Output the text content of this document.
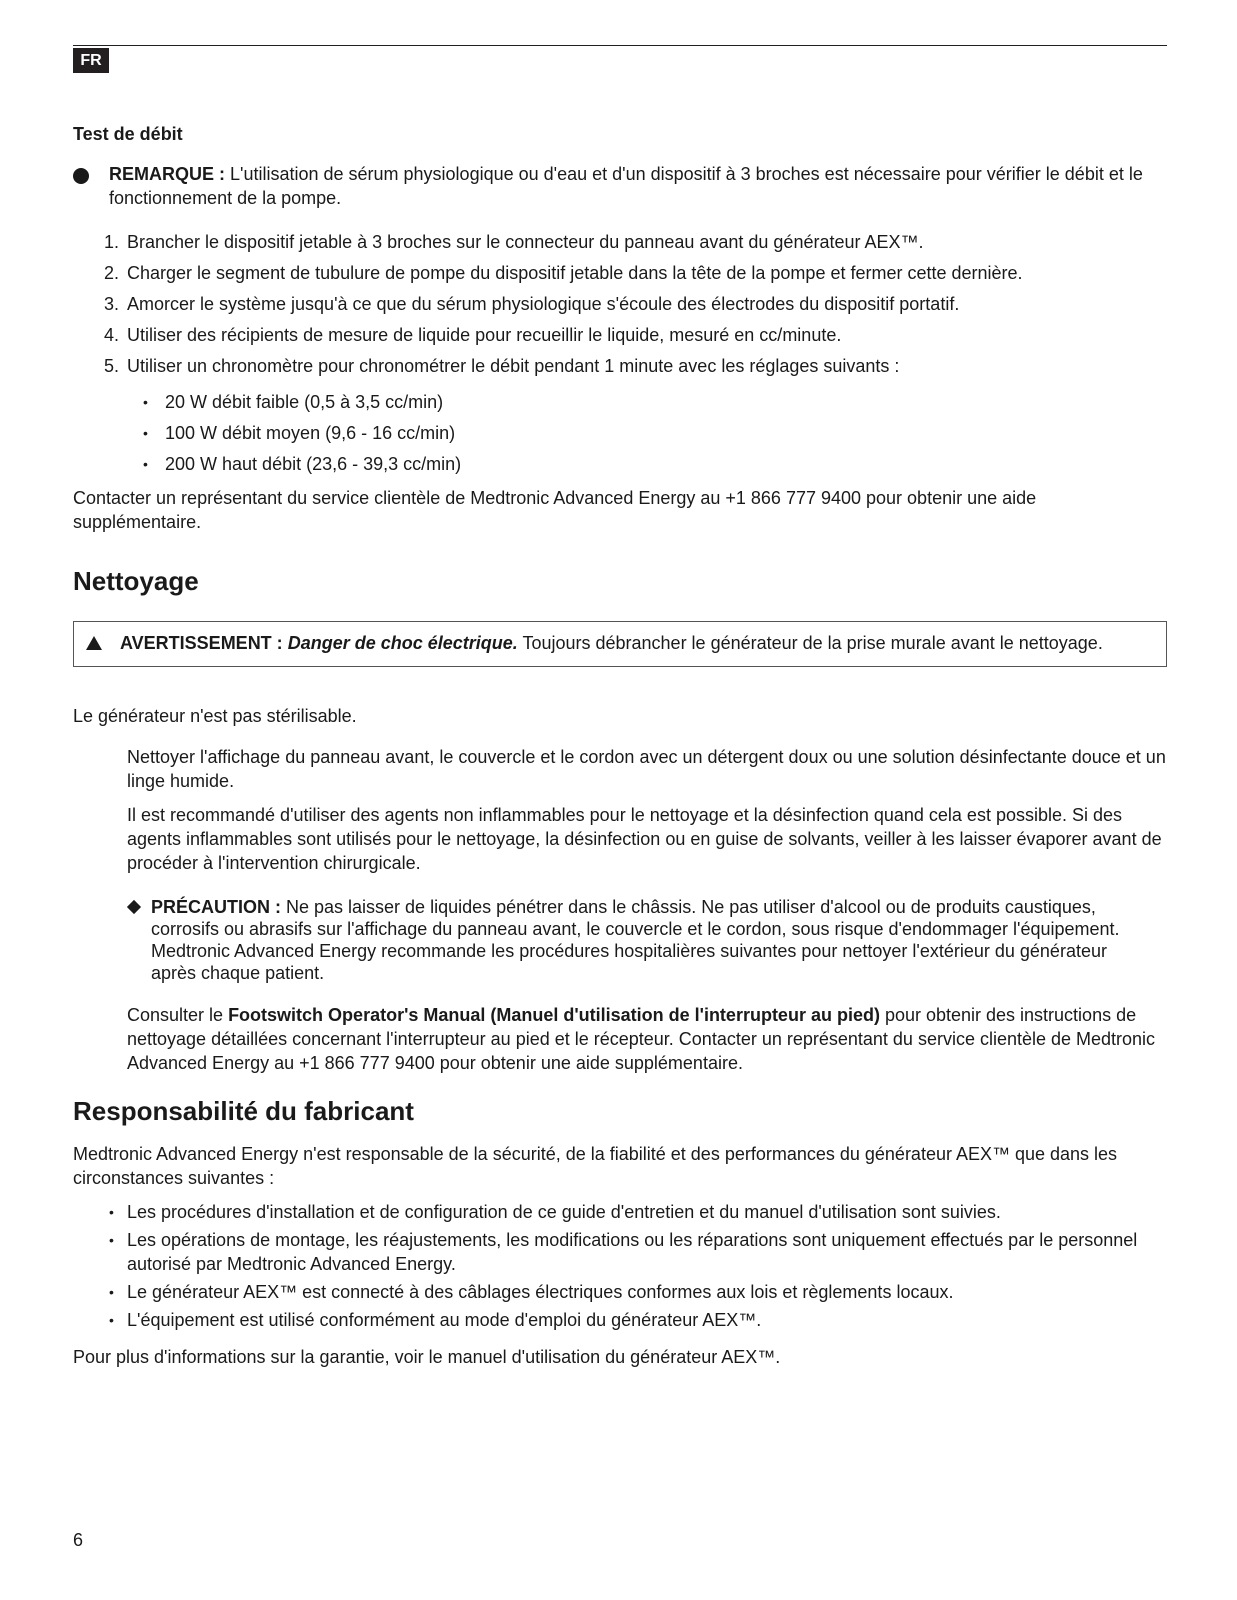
FR
Test de débit
REMARQUE : L'utilisation de sérum physiologique ou d'eau et d'un dispositif à 3 broches est nécessaire pour vérifier le débit et le fonctionnement de la pompe.
1. Brancher le dispositif jetable à 3 broches sur le connecteur du panneau avant du générateur AEX™.
2. Charger le segment de tubulure de pompe du dispositif jetable dans la tête de la pompe et fermer cette dernière.
3. Amorcer le système jusqu'à ce que du sérum physiologique s'écoule des électrodes du dispositif portatif.
4. Utiliser des récipients de mesure de liquide pour recueillir le liquide, mesuré en cc/minute.
5. Utiliser un chronomètre pour chronométrer le débit pendant 1 minute avec les réglages suivants :
• 20 W débit faible (0,5 à 3,5 cc/min)
• 100 W débit moyen (9,6 - 16 cc/min)
• 200 W haut débit (23,6 - 39,3 cc/min)
Contacter un représentant du service clientèle de Medtronic Advanced Energy au +1 866 777 9400 pour obtenir une aide supplémentaire.
Nettoyage
AVERTISSEMENT : Danger de choc électrique. Toujours débrancher le générateur de la prise murale avant le nettoyage.
Le générateur n'est pas stérilisable.
Nettoyer l'affichage du panneau avant, le couvercle et le cordon avec un détergent doux ou une solution désinfectante douce et un linge humide.
Il est recommandé d'utiliser des agents non inflammables pour le nettoyage et la désinfection quand cela est possible. Si des agents inflammables sont utilisés pour le nettoyage, la désinfection ou en guise de solvants, veiller à les laisser évaporer avant de procéder à l'intervention chirurgicale.
PRÉCAUTION : Ne pas laisser de liquides pénétrer dans le châssis. Ne pas utiliser d'alcool ou de produits caustiques, corrosifs ou abrasifs sur l'affichage du panneau avant, le couvercle et le cordon, sous risque d'endommager l'équipement. Medtronic Advanced Energy recommande les procédures hospitalières suivantes pour nettoyer l'extérieur du générateur après chaque patient.
Consulter le Footswitch Operator's Manual (Manuel d'utilisation de l'interrupteur au pied) pour obtenir des instructions de nettoyage détaillées concernant l'interrupteur au pied et le récepteur. Contacter un représentant du service clientèle de Medtronic Advanced Energy au +1 866 777 9400 pour obtenir une aide supplémentaire.
Responsabilité du fabricant
Medtronic Advanced Energy n'est responsable de la sécurité, de la fiabilité et des performances du générateur AEX™ que dans les circonstances suivantes :
• Les procédures d'installation et de configuration de ce guide d'entretien et du manuel d'utilisation sont suivies.
• Les opérations de montage, les réajustements, les modifications ou les réparations sont uniquement effectués par le personnel autorisé par Medtronic Advanced Energy.
• Le générateur AEX™ est connecté à des câblages électriques conformes aux lois et règlements locaux.
• L'équipement est utilisé conformément au mode d'emploi du générateur AEX™.
Pour plus d'informations sur la garantie, voir le manuel d'utilisation du générateur AEX™.
6
